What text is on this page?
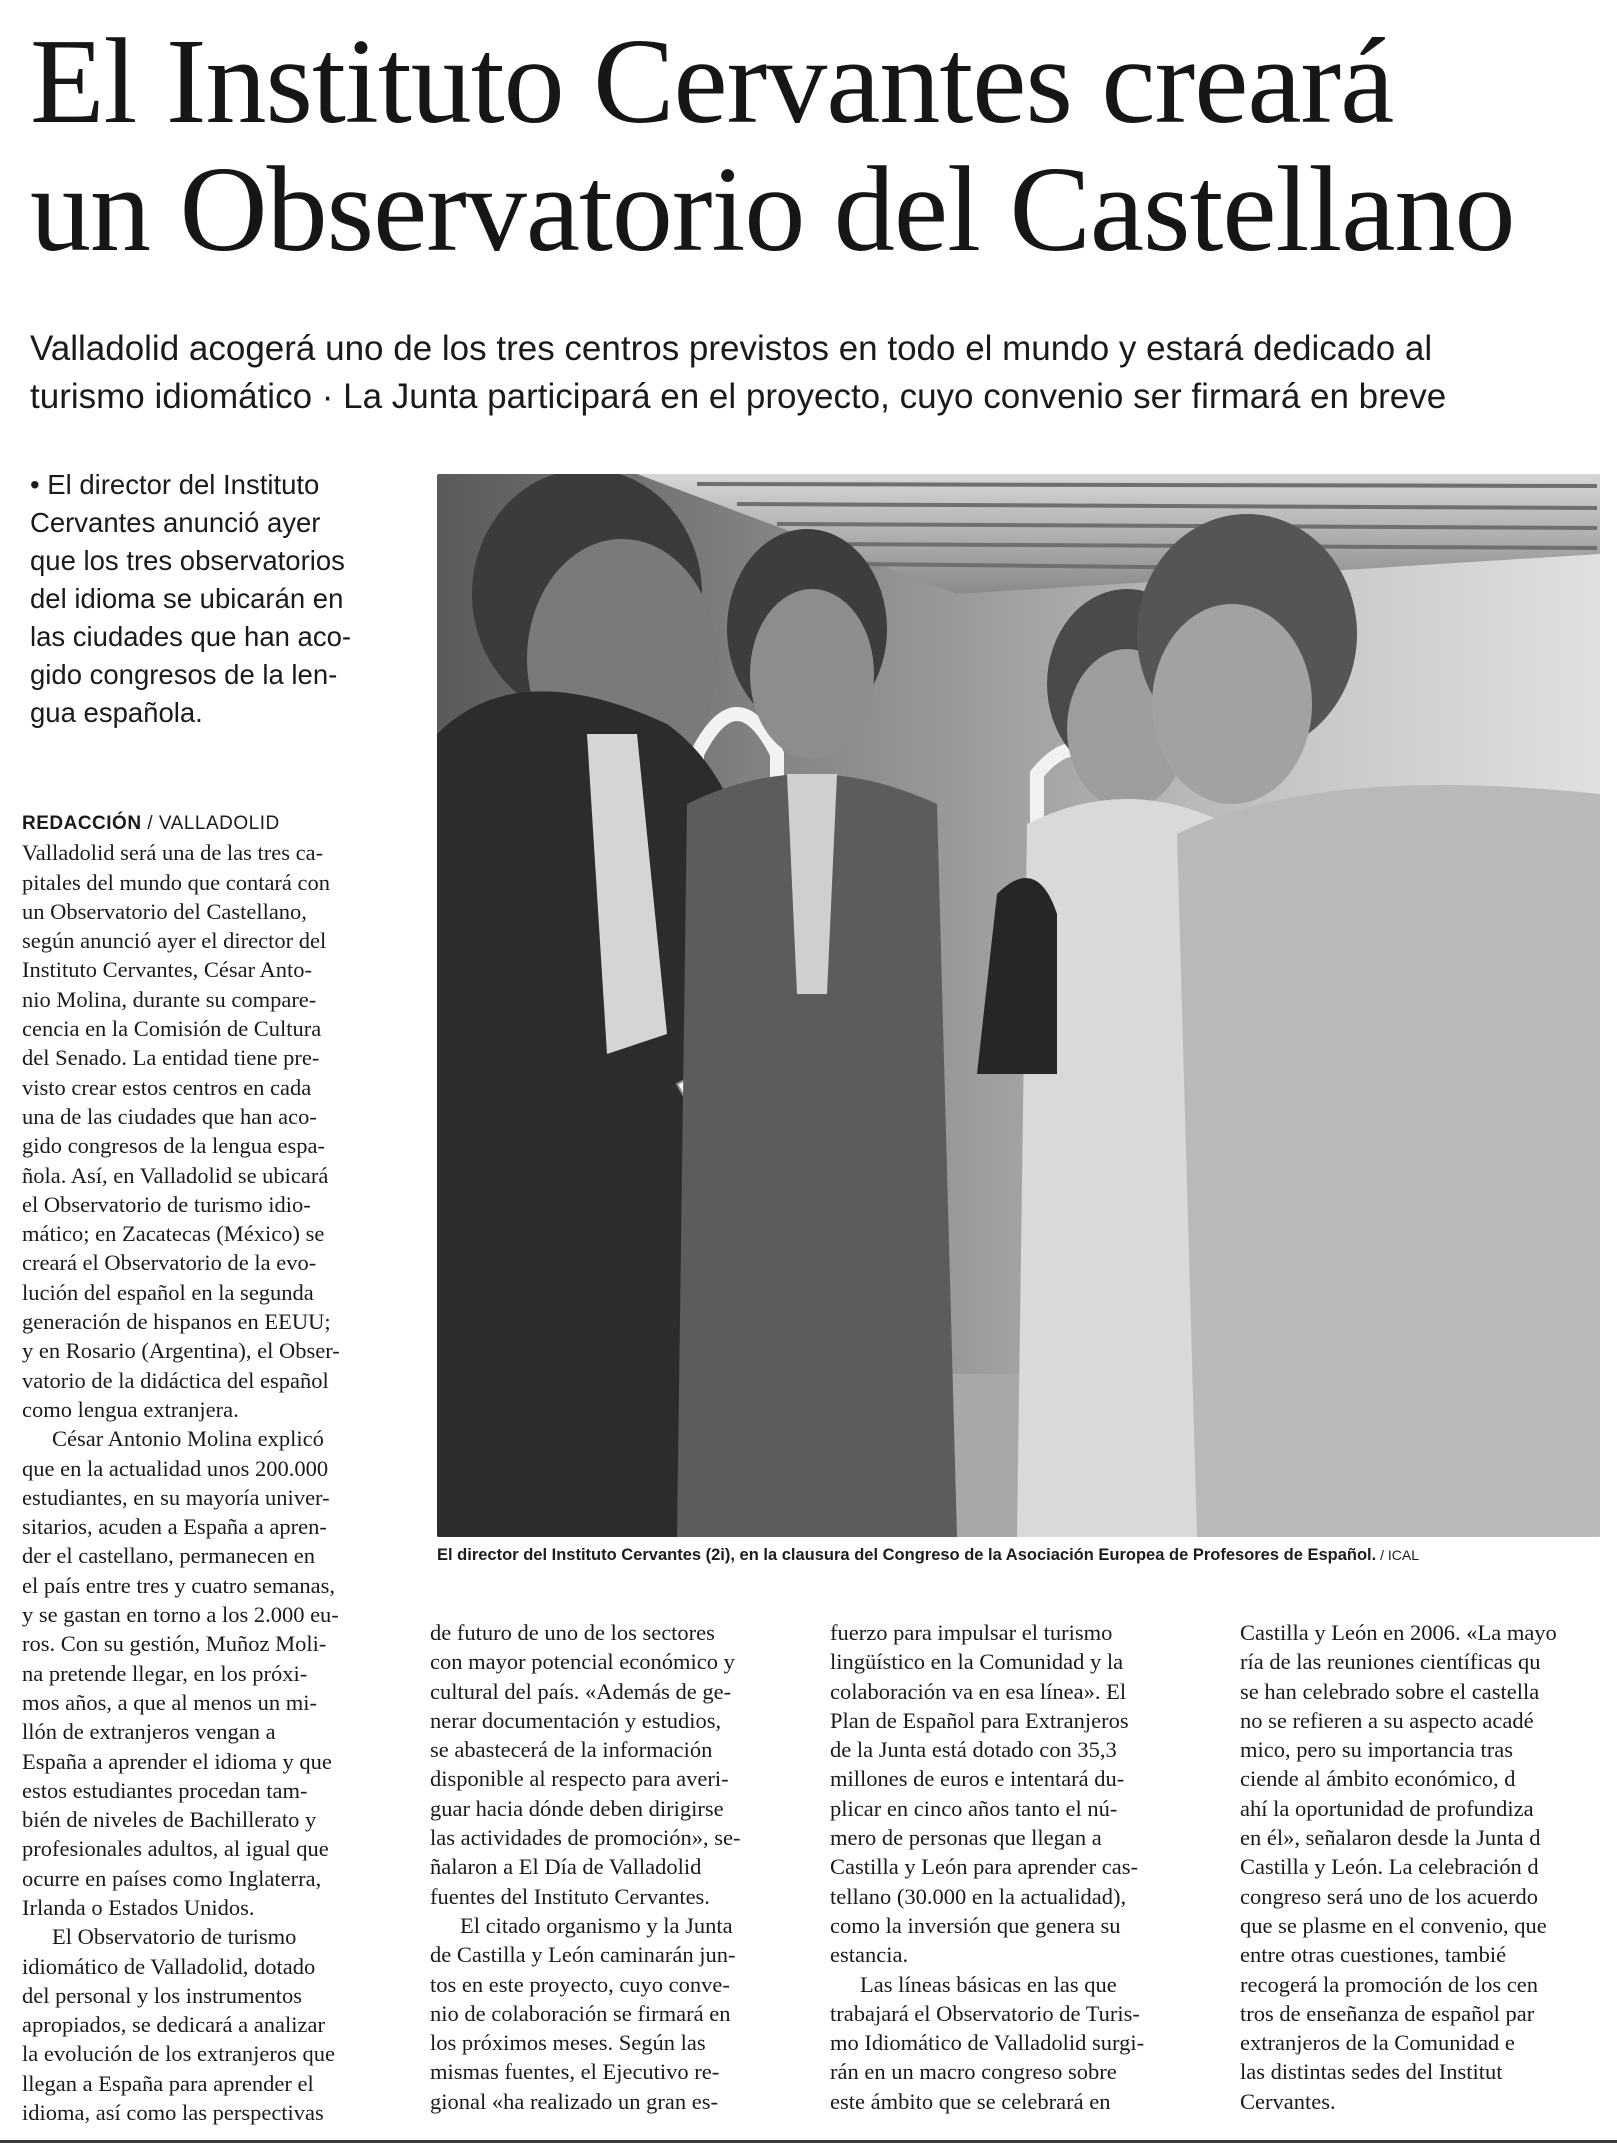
El Instituto Cervantes creará
un Observatorio del Castellano
Valladolid acogerá uno de los tres centros previstos en todo el mundo y estará dedicado al
turismo idiomático · La Junta participará en el proyecto, cuyo convenio ser firmará en breve
• El director del Instituto
Cervantes anunció ayer
que los tres observatorios
del idioma se ubicarán en
las ciudades que han aco-
gido congresos de la len-
gua española.
El director del Instituto Cervantes (2i), en la clausura del Congreso de la Asociación Europea de Profesores de Español. / ICAL
REDACCIÓN / VALLADOLID
Valladolid será una de las tres ca-
pitales del mundo que contará con
un Observatorio del Castellano,
según anunció ayer el director del
Instituto Cervantes, César Anto-
nio Molina, durante su compare-
cencia en la Comisión de Cultura
del Senado. La entidad tiene pre-
visto crear estos centros en cada
una de las ciudades que han aco-
gido congresos de la lengua espa-
ñola. Así, en Valladolid se ubicará
el Observatorio de turismo idio-
mático; en Zacatecas (México) se
creará el Observatorio de la evo-
lución del español en la segunda
generación de hispanos en EEUU;
y en Rosario (Argentina), el Obser-
vatorio de la didáctica del español
como lengua extranjera.
César Antonio Molina explicó
que en la actualidad unos 200.000
estudiantes, en su mayoría univer-
sitarios, acuden a España a apren-
der el castellano, permanecen en
el país entre tres y cuatro semanas,
y se gastan en torno a los 2.000 eu-
ros. Con su gestión, Muñoz Moli-
na pretende llegar, en los próxi-
mos años, a que al menos un mi-
llón de extranjeros vengan a
España a aprender el idioma y que
estos estudiantes procedan tam-
bién de niveles de Bachillerato y
profesionales adultos, al igual que
ocurre en países como Inglaterra,
Irlanda o Estados Unidos.
El Observatorio de turismo
idiomático de Valladolid, dotado
del personal y los instrumentos
apropiados, se dedicará a analizar
la evolución de los extranjeros que
llegan a España para aprender el
idioma, así como las perspectivas
de futuro de uno de los sectores
con mayor potencial económico y
cultural del país. «Además de ge-
nerar documentación y estudios,
se abastecerá de la información
disponible al respecto para averi-
guar hacia dónde deben dirigirse
las actividades de promoción», se-
ñalaron a El Día de Valladolid
fuentes del Instituto Cervantes.
El citado organismo y la Junta
de Castilla y León caminarán jun-
tos en este proyecto, cuyo conve-
nio de colaboración se firmará en
los próximos meses. Según las
mismas fuentes, el Ejecutivo re-
gional «ha realizado un gran es-
fuerzo para impulsar el turismo
lingüístico en la Comunidad y la
colaboración va en esa línea». El
Plan de Español para Extranjeros
de la Junta está dotado con 35,3
millones de euros e intentará du-
plicar en cinco años tanto el nú-
mero de personas que llegan a
Castilla y León para aprender cas-
tellano (30.000 en la actualidad),
como la inversión que genera su
estancia.
Las líneas básicas en las que
trabajará el Observatorio de Turis-
mo Idiomático de Valladolid surgi-
rán en un macro congreso sobre
este ámbito que se celebrará en
Castilla y León en 2006. «La mayo
ría de las reuniones científicas qu
se han celebrado sobre el castella
no se refieren a su aspecto acadé
mico, pero su importancia tras
ciende al ámbito económico, d
ahí la oportunidad de profundiza
en él», señalaron desde la Junta d
Castilla y León. La celebración d
congreso será uno de los acuerdo
que se plasme en el convenio, que
entre otras cuestiones, tambié
recogerá la promoción de los cen
tros de enseñanza de español par
extranjeros de la Comunidad e
las distintas sedes del Institut
Cervantes.
